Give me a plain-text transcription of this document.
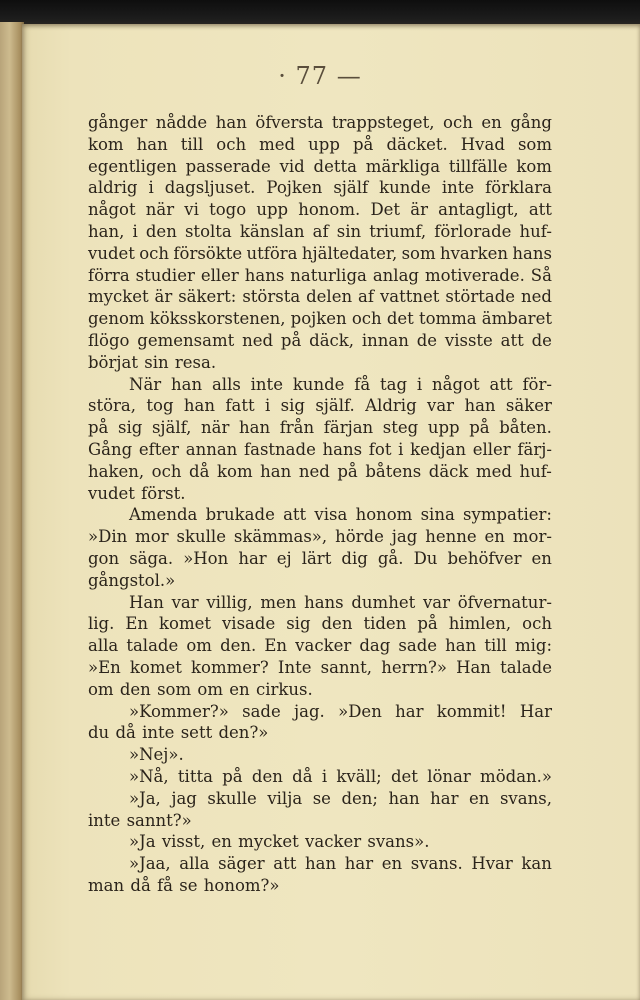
· 77 —
gånger nådde han öfversta trappsteget, och en gång
kom han till och med upp på däcket. Hvad som
egentligen passerade vid detta märkliga tillfälle kom
aldrig i dagsljuset. Pojken själf kunde inte förklara
något när vi togo upp honom. Det är antagligt, att
han, i den stolta känslan af sin triumf, förlorade huf-
vudet och försökte utföra hjältedater, som hvarken hans
förra studier eller hans naturliga anlag motiverade. Så
mycket är säkert: största delen af vattnet störtade ned
genom köksskorstenen, pojken och det tomma ämbaret
flögo gemensamt ned på däck, innan de visste att de
börjat sin resa.
När han alls inte kunde få tag i något att för-
störa, tog han fatt i sig själf. Aldrig var han säker
på sig själf, när han från färjan steg upp på båten.
Gång efter annan fastnade hans fot i kedjan eller färj-
haken, och då kom han ned på båtens däck med huf-
vudet först.
Amenda brukade att visa honom sina sympatier:
»Din mor skulle skämmas», hörde jag henne en mor-
gon säga. »Hon har ej lärt dig gå. Du behöfver en
gångstol.»
Han var villig, men hans dumhet var öfvernatur-
lig. En komet visade sig den tiden på himlen, och
alla talade om den. En vacker dag sade han till mig:
»En komet kommer? Inte sannt, herrn?» Han talade
om den som om en cirkus.
»Kommer?» sade jag. »Den har kommit! Har
du då inte sett den?»
»Nej».
»Nå, titta på den då i kväll; det lönar mödan.»
»Ja, jag skulle vilja se den; han har en svans,
inte sannt?»
»Ja visst, en mycket vacker svans».
»Jaa, alla säger att han har en svans. Hvar kan
man då få se honom?»
